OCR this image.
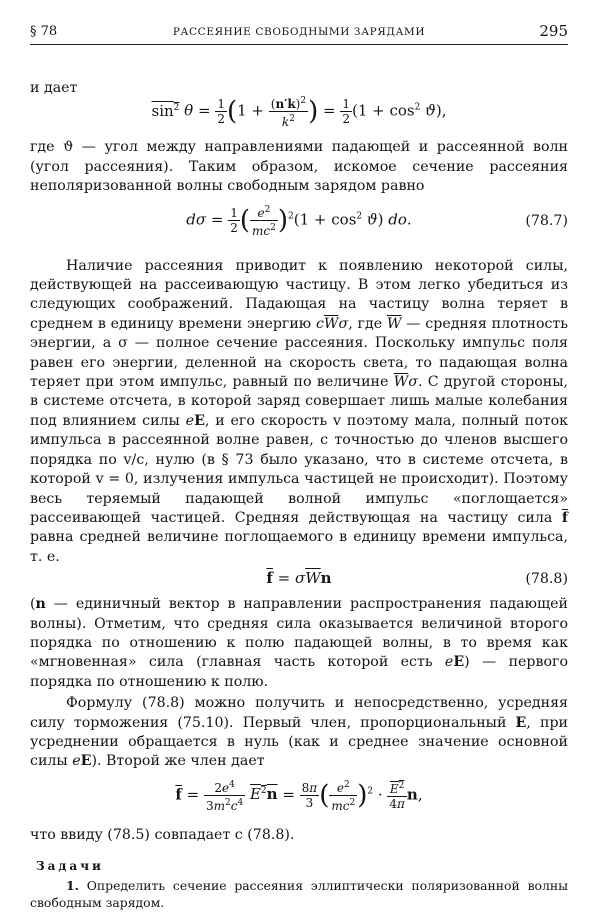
§ 78	РАССЕЯНИЕ СВОБОДНЫМИ ЗАРЯДАМИ	295

и дает

$\sin^2 \theta = \frac{1}{2} (1 + \frac{(n'k)^2}{k^2}$ ) = $\frac{1}{2} (1 + \cos^2 ϑ)$,

где ϑ — угол между направлениями падающей и рассеянной волн (угол рассеяния). Таким образом, искомое сечение рассеяния неполяризованной волны свободным зарядом равно

$d\sigma = \frac{1}{2}$ ( $\frac{e^2}{mc^2} )^2(1 + \cos^2 ϑ)$ do.	(78.7)

Наличие рассеяния приводит к появлению некоторой силы, действующей на рассеивающую частицу. В этом легко убедиться из следующих соображений. Падающая на частицу волна теряет в среднем в единицу времени энергию $c\overline{W}\sigma$, где $\overline{W}$ — средняя плотность энергии, а σ — полное сечение рассеяния. Поскольку импульс поля равен его энергии, деленной на скорость света, то падающая волна теряет при этом импульс, равный по величине $\overline{W}\sigma$. С другой стороны, в системе отсчета, в которой заряд совершает лишь малые колебания под влиянием силы eE, и его скорость v поэтому мала, полный поток импульса в рассеянной волне равен, с точностью до членов высшего порядка по v/c, нулю (в § 73 было указано, что в системе отсчета, в которой v = 0, излучения импульса частицей не происходит). Поэтому весь теряемый падающей волной импульс «поглощается» рассеивающей частицей. Средняя действующая на частицу сила $\overline{f}$ равна средней величине поглощаемого в единицу времени импульса, т. е.

$\overline{f} = \sigma\overline{W}n$	(78.8)

(n — единичный вектор в направлении распространения падающей волны). Отметим, что средняя сила оказывается величиной второго порядка по отношению к полю падающей волны, в то время как «мгновенная» сила (главная часть которой есть eE) — первого порядка по отношению к полю.

Формулу (78.8) можно получить и непосредственно, усредняя силу торможения (75.10). Первый член, пропорциональный E, при усреднении обращается в нуль (как и среднее значение основной силы eE). Второй же член дает

$\overline{f} = \frac{2e^4}{3m^2c^4} E^2n = \frac{8\pi}{3}$ ( $\frac{e^2}{mc^2} )^2 \cdot \frac{E^2}{4\pi} n$,

что ввиду (78.5) совпадает с (78.8).

Задачи

1. Определить сечение рассеяния эллиптически поляризованной волны свободным зарядом.
